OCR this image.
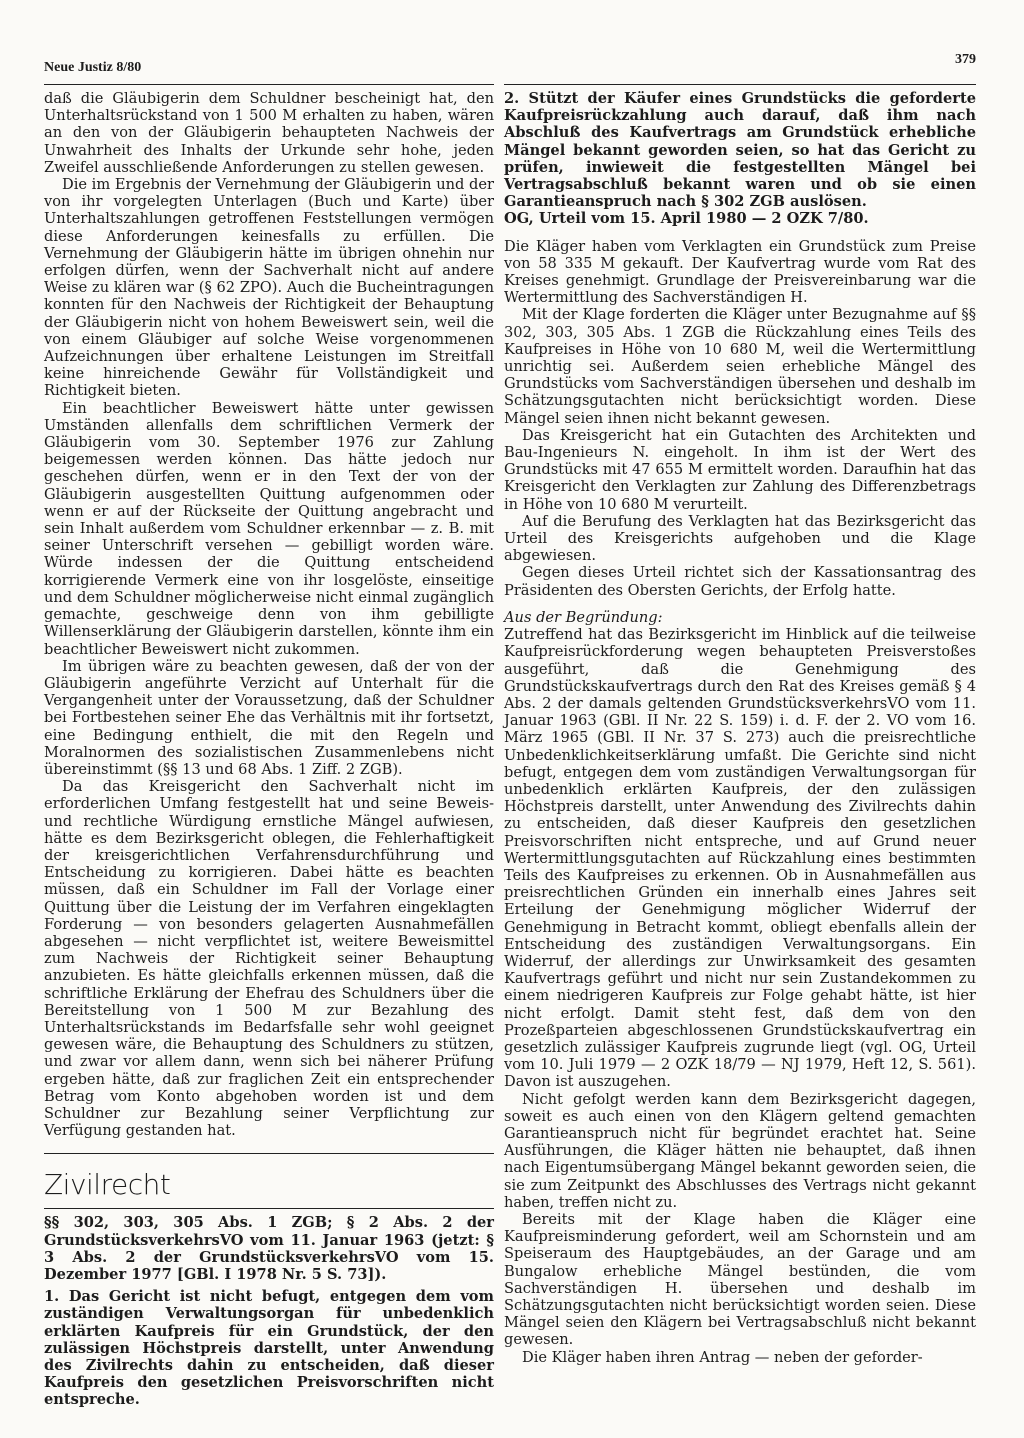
Neue Justiz 8/80
379

daß die Gläubigerin dem Schuldner bescheinigt hat, den Unterhaltsrückstand von 1 500 M erhalten zu haben, wären an den von der Gläubigerin behaupteten Nachweis der Unwahrheit des Inhalts der Urkunde sehr hohe, jeden Zweifel ausschließende Anforderungen zu stellen gewesen.

Die im Ergebnis der Vernehmung der Gläubigerin und der von ihr vorgelegten Unterlagen (Buch und Karte) über Unterhaltszahlungen getroffenen Feststellungen vermögen diese Anforderungen keinesfalls zu erfüllen. Die Vernehmung der Gläubigerin hätte im übrigen ohnehin nur erfolgen dürfen, wenn der Sachverhalt nicht auf andere Weise zu klären war (§ 62 ZPO). Auch die Bucheintragungen konnten für den Nachweis der Richtigkeit der Behauptung der Gläubigerin nicht von hohem Beweiswert sein, weil die von einem Gläubiger auf solche Weise vorgenommenen Aufzeichnungen über erhaltene Leistungen im Streitfall keine hinreichende Gewähr für Vollständigkeit und Richtigkeit bieten.

Ein beachtlicher Beweiswert hätte unter gewissen Umständen allenfalls dem schriftlichen Vermerk der Gläubigerin vom 30. September 1976 zur Zahlung beigemessen werden können. Das hätte jedoch nur geschehen dürfen, wenn er in den Text der von der Gläubigerin ausgestellten Quittung aufgenommen oder wenn er auf der Rückseite der Quittung angebracht und sein Inhalt außerdem vom Schuldner erkennbar — z. B. mit seiner Unterschrift versehen — gebilligt worden wäre. Würde indessen der die Quittung entscheidend korrigierende Vermerk eine von ihr losgelöste, einseitige und dem Schuldner möglicherweise nicht einmal zugänglich gemachte, geschweige denn von ihm gebilligte Willenserklärung der Gläubigerin darstellen, könnte ihm ein beachtlicher Beweiswert nicht zukommen.

Im übrigen wäre zu beachten gewesen, daß der von der Gläubigerin angeführte Verzicht auf Unterhalt für die Vergangenheit unter der Voraussetzung, daß der Schuldner bei Fortbestehen seiner Ehe das Verhältnis mit ihr fortsetzt, eine Bedingung enthielt, die mit den Regeln und Moralnormen des sozialistischen Zusammenlebens nicht übereinstimmt (§§ 13 und 68 Abs. 1 Ziff. 2 ZGB).

Da das Kreisgericht den Sachverhalt nicht im erforderlichen Umfang festgestellt hat und seine Beweis- und rechtliche Würdigung ernstliche Mängel aufwiesen, hätte es dem Bezirksgericht oblegen, die Fehlerhaftigkeit der kreisgerichtlichen Verfahrensdurchführung und Entscheidung zu korrigieren. Dabei hätte es beachten müssen, daß ein Schuldner im Fall der Vorlage einer Quittung über die Leistung der im Verfahren eingeklagten Forderung — von besonders gelagerten Ausnahmefällen abgesehen — nicht verpflichtet ist, weitere Beweismittel zum Nachweis der Richtigkeit seiner Behauptung anzubieten. Es hätte gleichfalls erkennen müssen, daß die schriftliche Erklärung der Ehefrau des Schuldners über die Bereitstellung von 1 500 M zur Bezahlung des Unterhaltsrückstands im Bedarfsfalle sehr wohl geeignet gewesen wäre, die Behauptung des Schuldners zu stützen, und zwar vor allem dann, wenn sich bei näherer Prüfung ergeben hätte, daß zur fraglichen Zeit ein entsprechender Betrag vom Konto abgehoben worden ist und dem Schuldner zur Bezahlung seiner Verpflichtung zur Verfügung gestanden hat.

Zivilrecht

§§ 302, 303, 305 Abs. 1 ZGB; § 2 Abs. 2 der GrundstücksverkehrsVO vom 11. Januar 1963 (jetzt: § 3 Abs. 2 der GrundstücksverkehrsVO vom 15. Dezember 1977 [GBl. I 1978 Nr. 5 S. 73]).

1. Das Gericht ist nicht befugt, entgegen dem vom zuständigen Verwaltungsorgan für unbedenklich erklärten Kaufpreis für ein Grundstück, der den zulässigen Höchstpreis darstellt, unter Anwendung des Zivilrechts dahin zu entscheiden, daß dieser Kaufpreis den gesetzlichen Preisvorschriften nicht entspreche.

2. Stützt der Käufer eines Grundstücks die geforderte Kaufpreisrückzahlung auch darauf, daß ihm nach Abschluß des Kaufvertrags am Grundstück erhebliche Mängel bekannt geworden seien, so hat das Gericht zu prüfen, inwieweit die festgestellten Mängel bei Vertragsabschluß bekannt waren und ob sie einen Garantieanspruch nach § 302 ZGB auslösen.

OG, Urteil vom 15. April 1980 — 2 OZK 7/80.

Die Kläger haben vom Verklagten ein Grundstück zum Preise von 58 335 M gekauft. Der Kaufvertrag wurde vom Rat des Kreises genehmigt. Grundlage der Preisvereinbarung war die Wertermittlung des Sachverständigen H.

Mit der Klage forderten die Kläger unter Bezugnahme auf §§ 302, 303, 305 Abs. 1 ZGB die Rückzahlung eines Teils des Kaufpreises in Höhe von 10 680 M, weil die Wertermittlung unrichtig sei. Außerdem seien erhebliche Mängel des Grundstücks vom Sachverständigen übersehen und deshalb im Schätzungsgutachten nicht berücksichtigt worden. Diese Mängel seien ihnen nicht bekannt gewesen.

Das Kreisgericht hat ein Gutachten des Architekten und Bau-Ingenieurs N. eingeholt. In ihm ist der Wert des Grundstücks mit 47 655 M ermittelt worden. Daraufhin hat das Kreisgericht den Verklagten zur Zahlung des Differenzbetrags in Höhe von 10 680 M verurteilt.

Auf die Berufung des Verklagten hat das Bezirksgericht das Urteil des Kreisgerichts aufgehoben und die Klage abgewiesen.

Gegen dieses Urteil richtet sich der Kassationsantrag des Präsidenten des Obersten Gerichts, der Erfolg hatte.

Aus der Begründung:

Zutreffend hat das Bezirksgericht im Hinblick auf die teilweise Kaufpreisrückforderung wegen behaupteten Preisverstoßes ausgeführt, daß die Genehmigung des Grundstückskaufvertrags durch den Rat des Kreises gemäß § 4 Abs. 2 der damals geltenden GrundstücksverkehrsVO vom 11. Januar 1963 (GBl. II Nr. 22 S. 159) i. d. F. der 2. VO vom 16. März 1965 (GBl. II Nr. 37 S. 273) auch die preisrechtliche Unbedenklichkeitserklärung umfaßt. Die Gerichte sind nicht befugt, entgegen dem vom zuständigen Verwaltungsorgan für unbedenklich erklärten Kaufpreis, der den zulässigen Höchstpreis darstellt, unter Anwendung des Zivilrechts dahin zu entscheiden, daß dieser Kaufpreis den gesetzlichen Preisvorschriften nicht entspreche, und auf Grund neuer Wertermittlungsgutachten auf Rückzahlung eines bestimmten Teils des Kaufpreises zu erkennen. Ob in Ausnahmefällen aus preisrechtlichen Gründen ein innerhalb eines Jahres seit Erteilung der Genehmigung möglicher Widerruf der Genehmigung in Betracht kommt, obliegt ebenfalls allein der Entscheidung des zuständigen Verwaltungsorgans. Ein Widerruf, der allerdings zur Unwirksamkeit des gesamten Kaufvertrags geführt und nicht nur sein Zustandekommen zu einem niedrigeren Kaufpreis zur Folge gehabt hätte, ist hier nicht erfolgt. Damit steht fest, daß dem von den Prozeßparteien abgeschlossenen Grundstückskaufvertrag ein gesetzlich zulässiger Kaufpreis zugrunde liegt (vgl. OG, Urteil vom 10. Juli 1979 — 2 OZK 18/79 — NJ 1979, Heft 12, S. 561). Davon ist auszugehen.

Nicht gefolgt werden kann dem Bezirksgericht dagegen, soweit es auch einen von den Klägern geltend gemachten Garantieanspruch nicht für begründet erachtet hat. Seine Ausführungen, die Kläger hätten nie behauptet, daß ihnen nach Eigentumsübergang Mängel bekannt geworden seien, die sie zum Zeitpunkt des Abschlusses des Vertrags nicht gekannt haben, treffen nicht zu.

Bereits mit der Klage haben die Kläger eine Kaufpreisminderung gefordert, weil am Schornstein und am Speiseraum des Hauptgebäudes, an der Garage und am Bungalow erhebliche Mängel bestünden, die vom Sachverständigen H. übersehen und deshalb im Schätzungsgutachten nicht berücksichtigt worden seien. Diese Mängel seien den Klägern bei Vertragsabschluß nicht bekannt gewesen.

Die Kläger haben ihren Antrag — neben der geforder-
